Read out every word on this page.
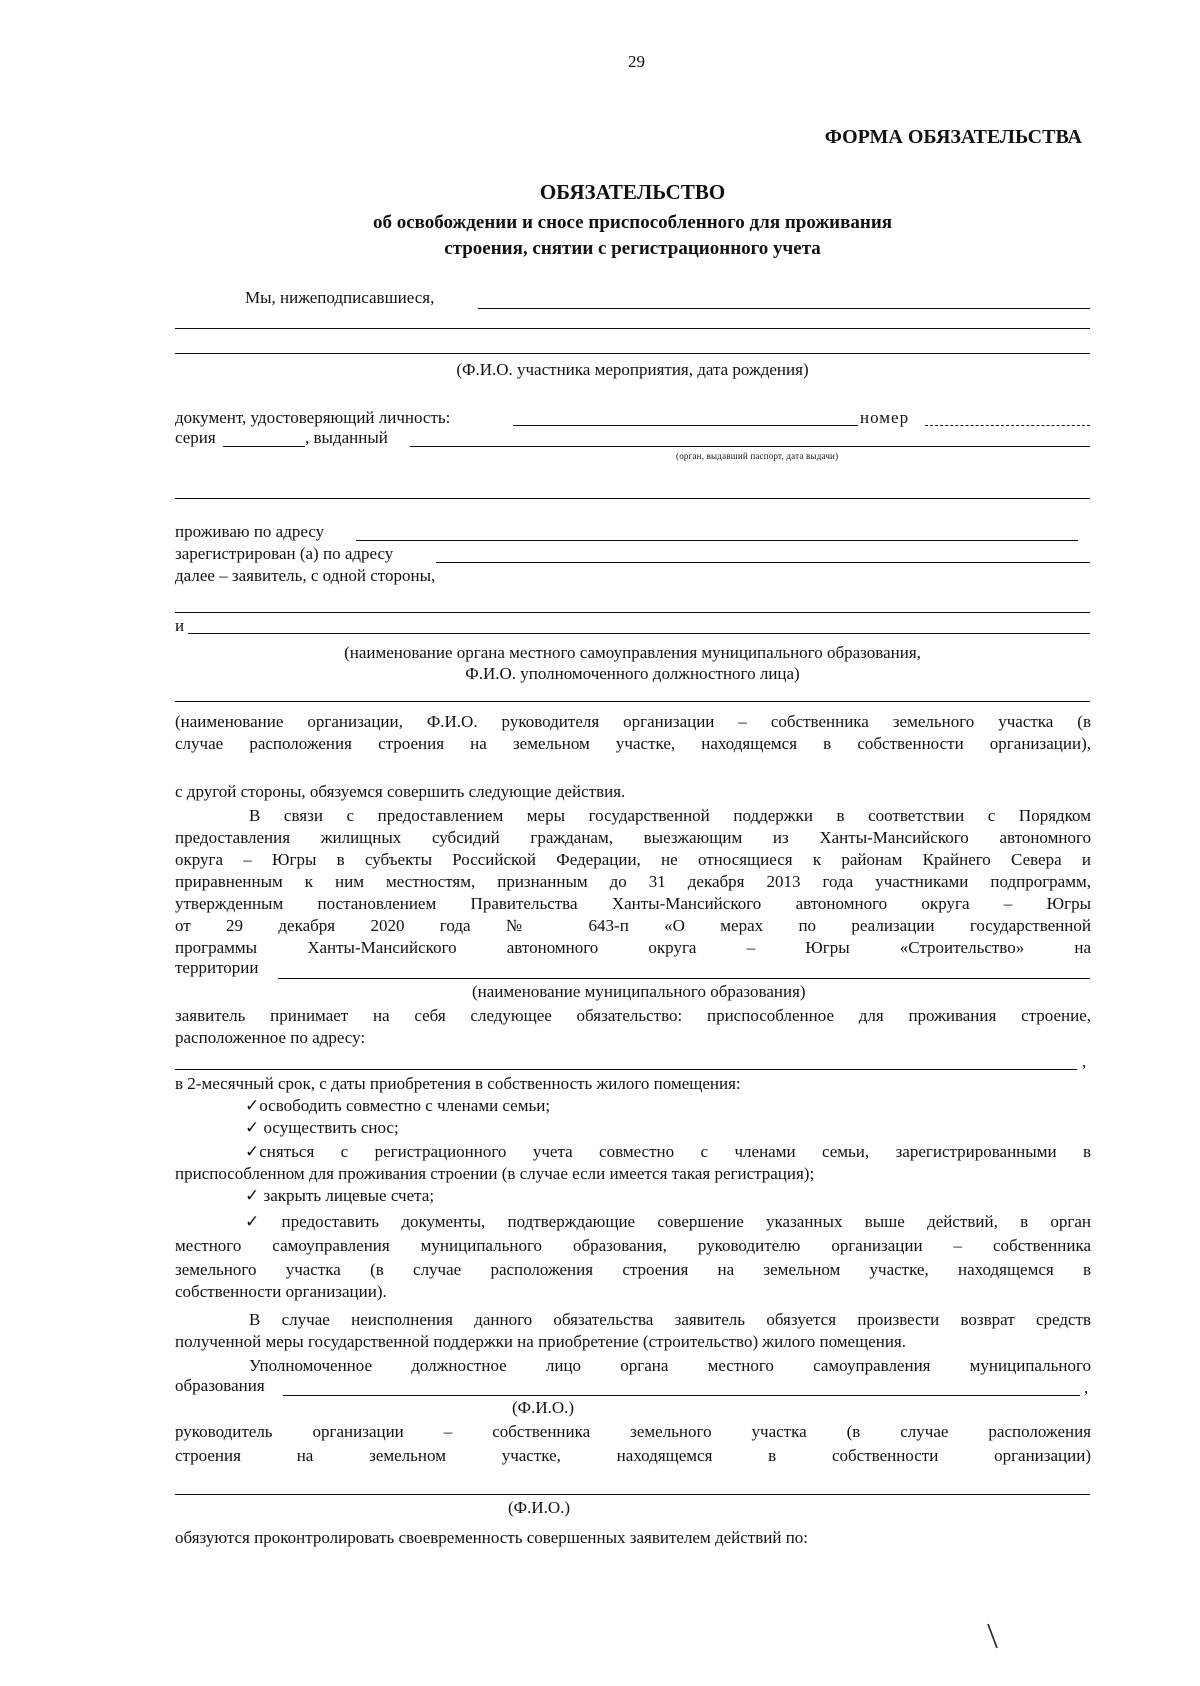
29
ФОРМА ОБЯЗАТЕЛЬСТВА
ОБЯЗАТЕЛЬСТВО
об освобождении и сносе приспособленного для проживания
строения, снятии с регистрационного учета
Мы, нижеподписавшиеся,
(Ф.И.О. участника мероприятия, дата рождения)
документ, удостоверяющий личность:	номер
серия	, выданный
(орган, выдавший паспорт, дата выдачи)
проживаю по адресу
зарегистрирован (а) по адресу
далее – заявитель, с одной стороны,
и
(наименование органа местного самоуправления муниципального образования,
Ф.И.О. уполномоченного должностного лица)
(наименование организации, Ф.И.О. руководителя организации – собственника земельного участка (в
случае расположения строения на земельном участке, находящемся в собственности организации),
с другой стороны, обязуемся совершить следующие действия.
В связи с предоставлением меры государственной поддержки в соответствии с Порядком
предоставления жилищных субсидий гражданам, выезжающим из Ханты-Мансийского автономного
округа – Югры в субъекты Российской Федерации, не относящиеся к районам Крайнего Севера и
приравненным к ним местностям, признанным до 31 декабря 2013 года участниками подпрограмм,
утвержденным постановлением Правительства Ханты-Мансийского автономного округа – Югры
от 29 декабря 2020 года № 643-п «О мерах по реализации государственной
программы Ханты-Мансийского автономного округа – Югры «Строительство» на
территории
(наименование муниципального образования)
заявитель принимает на себя следующее обязательство: приспособленное для проживания строение,
расположенное по адресу:
,
в 2-месячный срок, с даты приобретения в собственность жилого помещения:
✓освободить совместно с членами семьи;
✓ осуществить снос;
✓сняться с регистрационного учета совместно с членами семьи, зарегистрированными в
приспособленном для проживания строении (в случае если имеется такая регистрация);
✓ закрыть лицевые счета;
✓ предоставить документы, подтверждающие совершение указанных выше действий, в орган
местного самоуправления муниципального образования, руководителю организации – собственника
земельного участка (в случае расположения строения на земельном участке, находящемся в
собственности организации).
В случае неисполнения данного обязательства заявитель обязуется произвести возврат средств
полученной меры государственной поддержки на приобретение (строительство) жилого помещения.
Уполномоченное должностное лицо органа местного самоуправления муниципального
образования	,
(Ф.И.О.)
руководитель организации – собственника земельного участка (в случае расположения
строения на земельном участке, находящемся в собственности организации)
(Ф.И.О.)
обязуются проконтролировать своевременность совершенных заявителем действий по:
